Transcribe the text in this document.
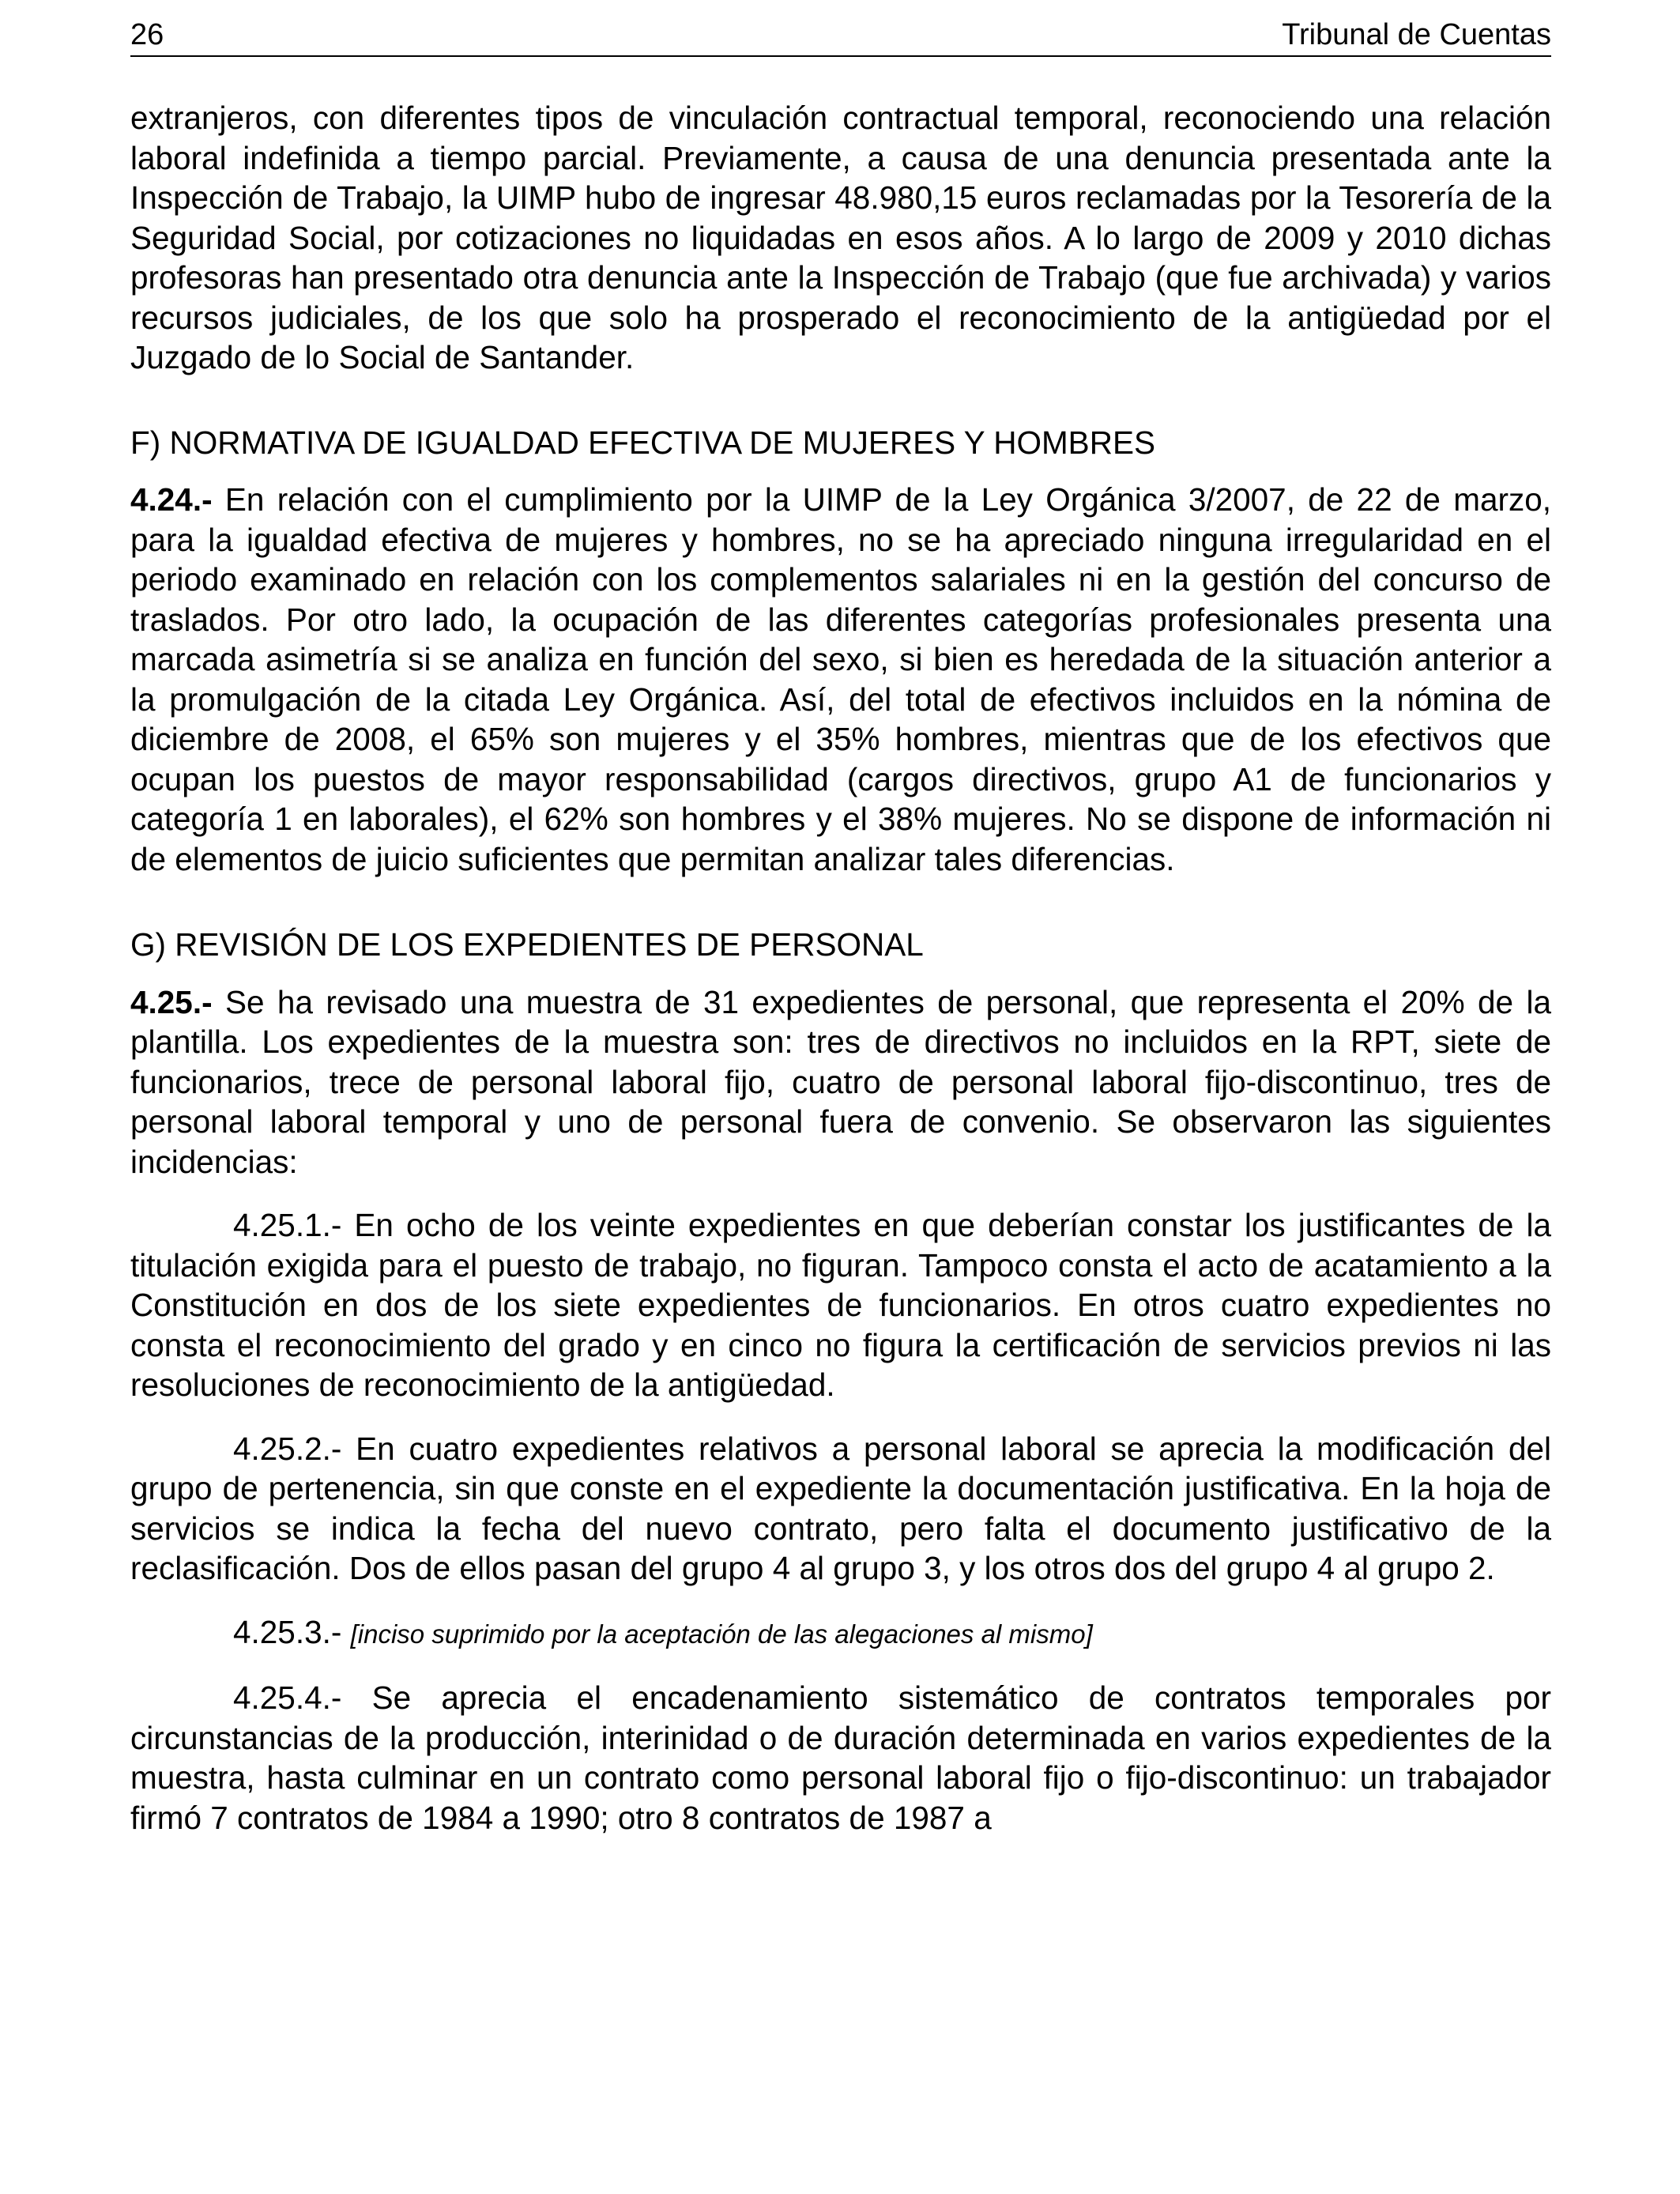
26	Tribunal de Cuentas

extranjeros, con diferentes tipos de vinculación contractual temporal, reconociendo una relación laboral indefinida a tiempo parcial. Previamente, a causa de una denuncia presentada ante la Inspección de Trabajo, la UIMP hubo de ingresar 48.980,15 euros reclamadas por la Tesorería de la Seguridad Social, por cotizaciones no liquidadas en esos años. A lo largo de 2009 y 2010 dichas profesoras han presentado otra denuncia ante la Inspección de Trabajo (que fue archivada) y varios recursos judiciales, de los que solo ha prosperado el reconocimiento de la antigüedad por el Juzgado de lo Social de Santander.

F) NORMATIVA DE IGUALDAD EFECTIVA DE MUJERES Y HOMBRES

4.24.- En relación con el cumplimiento por la UIMP de la Ley Orgánica 3/2007, de 22 de marzo, para la igualdad efectiva de mujeres y hombres, no se ha apreciado ninguna irregularidad en el periodo examinado en relación con los complementos salariales ni en la gestión del concurso de traslados. Por otro lado, la ocupación de las diferentes categorías profesionales presenta una marcada asimetría si se analiza en función del sexo, si bien es heredada de la situación anterior a la promulgación de la citada Ley Orgánica. Así, del total de efectivos incluidos en la nómina de diciembre de 2008, el 65% son mujeres y el 35% hombres, mientras que de los efectivos que ocupan los puestos de mayor responsabilidad (cargos directivos, grupo A1 de funcionarios y categoría 1 en laborales), el 62% son hombres y el 38% mujeres. No se dispone de información ni de elementos de juicio suficientes que permitan analizar tales diferencias.

G) REVISIÓN DE LOS EXPEDIENTES DE PERSONAL

4.25.- Se ha revisado una muestra de 31 expedientes de personal, que representa el 20% de la plantilla. Los expedientes de la muestra son: tres de directivos no incluidos en la RPT, siete de funcionarios, trece de personal laboral fijo, cuatro de personal laboral fijo-discontinuo, tres de personal laboral temporal y uno de personal fuera de convenio. Se observaron las siguientes incidencias:

4.25.1.- En ocho de los veinte expedientes en que deberían constar los justificantes de la titulación exigida para el puesto de trabajo, no figuran. Tampoco consta el acto de acatamiento a la Constitución en dos de los siete expedientes de funcionarios. En otros cuatro expedientes no consta el reconocimiento del grado y en cinco no figura la certificación de servicios previos ni las resoluciones de reconocimiento de la antigüedad.

4.25.2.- En cuatro expedientes relativos a personal laboral se aprecia la modificación del grupo de pertenencia, sin que conste en el expediente la documentación justificativa. En la hoja de servicios se indica la fecha del nuevo contrato, pero falta el documento justificativo de la reclasificación. Dos de ellos pasan del grupo 4 al grupo 3, y los otros dos del grupo 4 al grupo 2.

4.25.3.- [inciso suprimido por la aceptación de las alegaciones al mismo]

4.25.4.- Se aprecia el encadenamiento sistemático de contratos temporales por circunstancias de la producción, interinidad o de duración determinada en varios expedientes de la muestra, hasta culminar en un contrato como personal laboral fijo o fijo-discontinuo: un trabajador firmó 7 contratos de 1984 a 1990; otro 8 contratos de 1987 a
